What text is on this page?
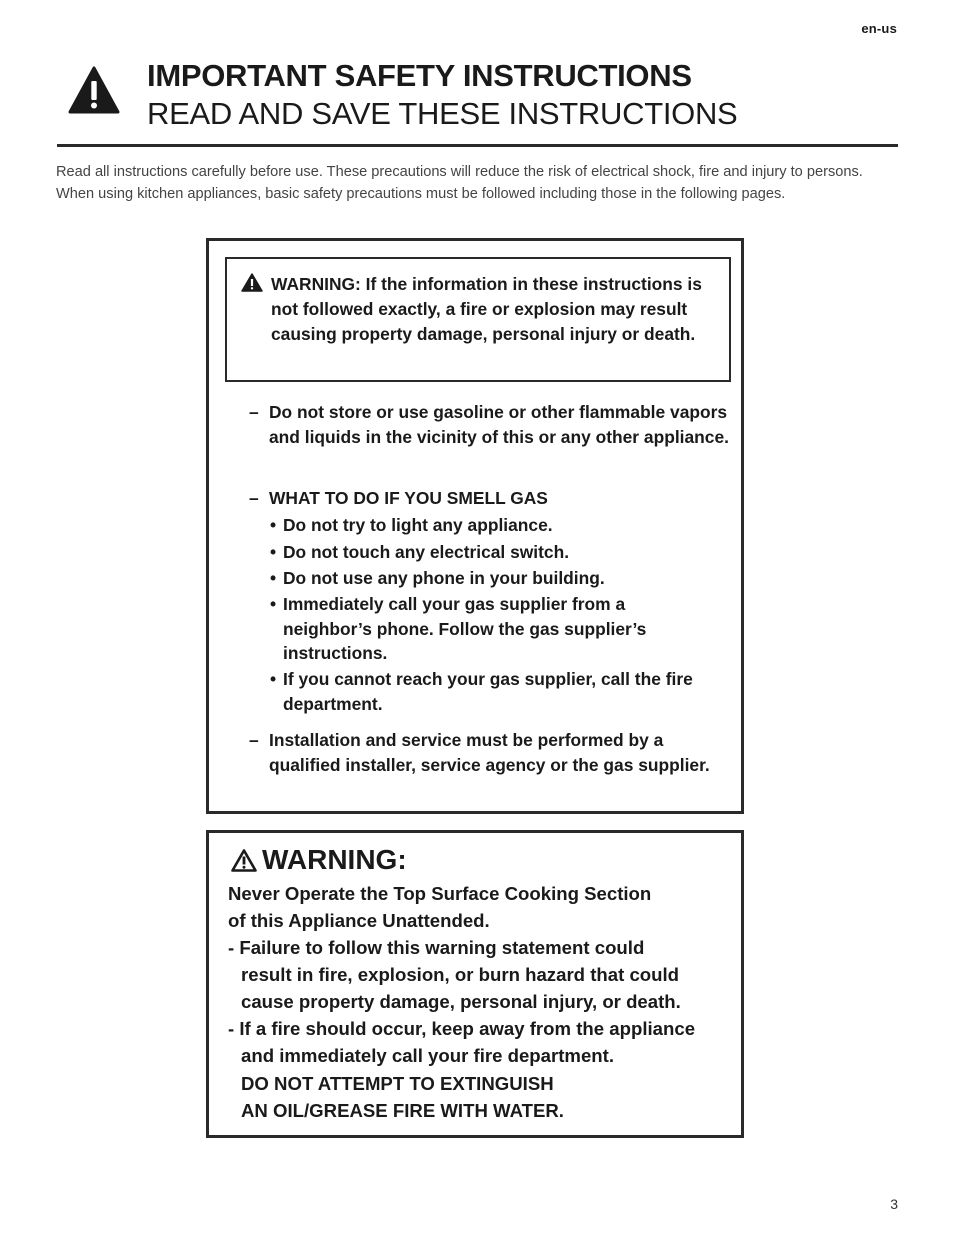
en-us
IMPORTANT SAFETY INSTRUCTIONS
READ AND SAVE THESE INSTRUCTIONS
Read all instructions carefully before use. These precautions will reduce the risk of electrical shock, fire and injury to persons. When using kitchen appliances, basic safety precautions must be followed including those in the following pages.
WARNING: If the information in these instructions is not followed exactly, a fire or explosion may result causing property damage, personal injury or death.
– Do not store or use gasoline or other flammable vapors and liquids in the vicinity of this or any other appliance.
– WHAT TO DO IF YOU SMELL GAS
• Do not try to light any appliance.
• Do not touch any electrical switch.
• Do not use any phone in your building.
• Immediately call your gas supplier from a neighbor’s phone. Follow the gas supplier’s instructions.
• If you cannot reach your gas supplier, call the fire department.
– Installation and service must be performed by a qualified installer, service agency or the gas supplier.
WARNING:
Never Operate the Top Surface Cooking Section
of this Appliance Unattended.
- Failure to follow this warning statement could
result in fire, explosion, or burn hazard that could
cause property damage, personal injury, or death.
- If a fire should occur, keep away from the appliance
and immediately call your fire department.
DO NOT ATTEMPT TO EXTINGUISH
AN OIL/GREASE FIRE WITH WATER.
3
